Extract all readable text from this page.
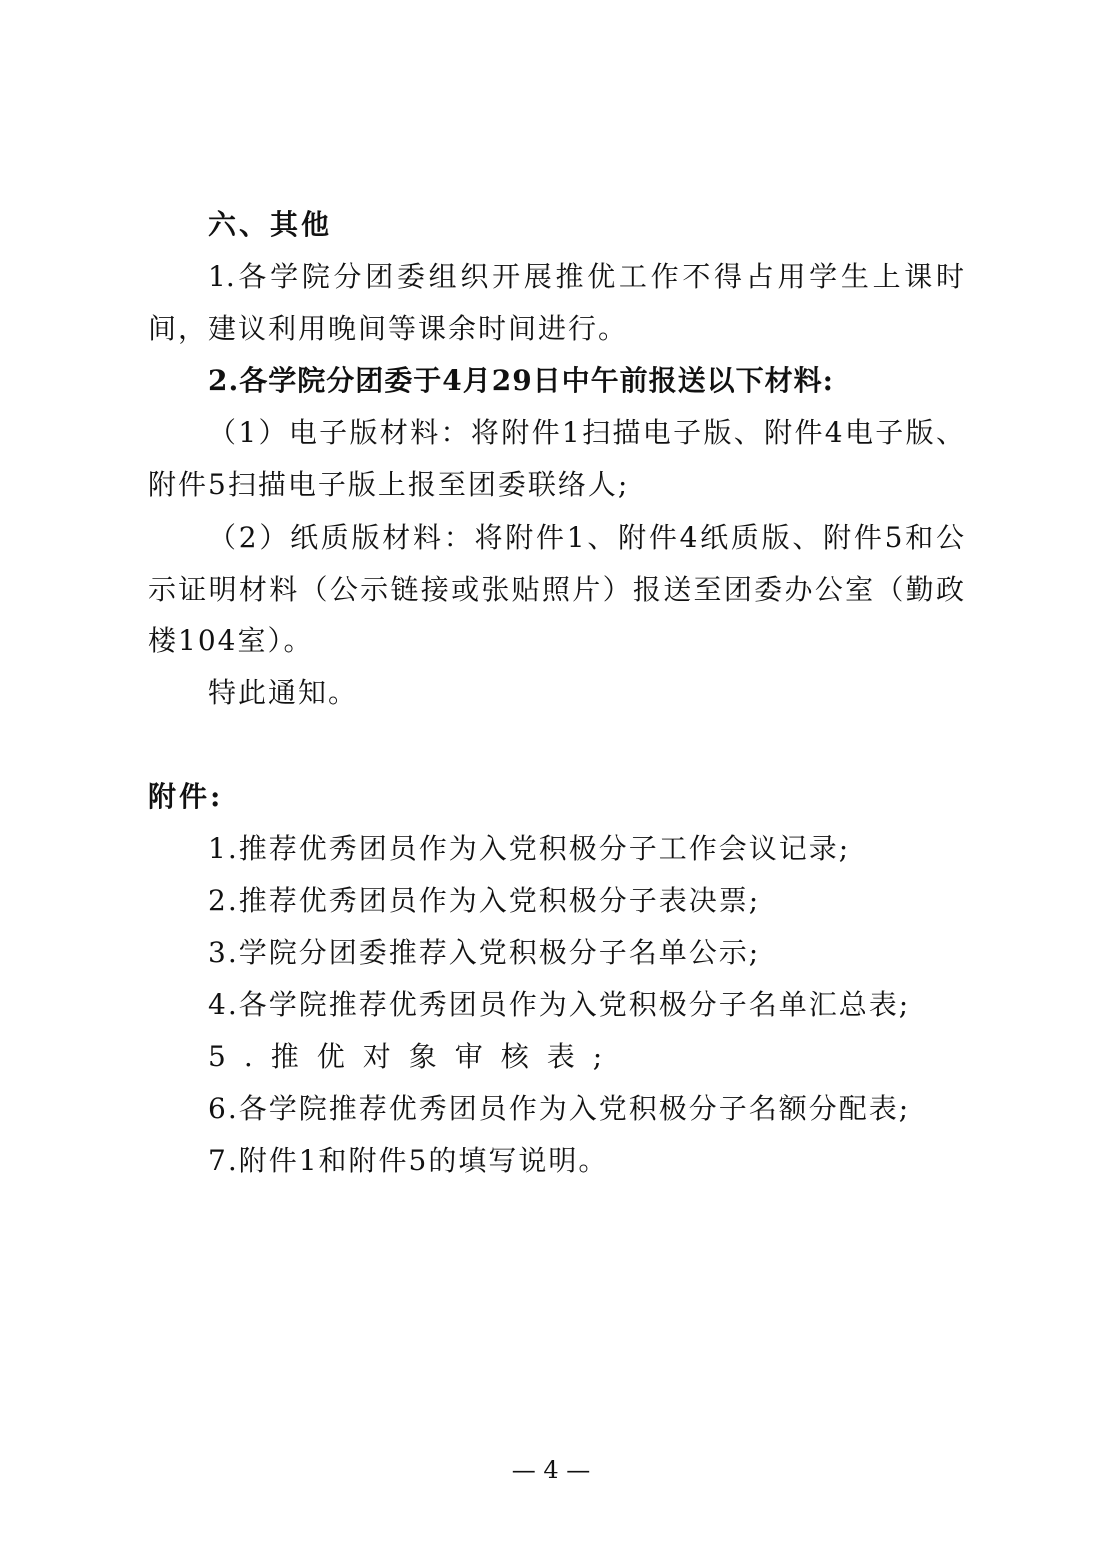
六、其他
1.各学院分团委组织开展推优工作不得占用学生上课时
间，建议利用晚间等课余时间进行。
2.各学院分团委于4月29日中午前报送以下材料:
（1）电子版材料：将附件1扫描电子版、附件4电子版、
附件5扫描电子版上报至团委联络人;
（2）纸质版材料：将附件1、附件4纸质版、附件5和公
示证明材料（公示链接或张贴照片）报送至团委办公室（勤政
楼104室）。
特此通知。
附件:
1.推荐优秀团员作为入党积极分子工作会议记录;
2.推荐优秀团员作为入党积极分子表决票;
3.学院分团委推荐入党积极分子名单公示;
4.各学院推荐优秀团员作为入党积极分子名单汇总表;
5.推优对象审核表;
6.各学院推荐优秀团员作为入党积极分子名额分配表;
7.附件1和附件5的填写说明。
— 4 —
